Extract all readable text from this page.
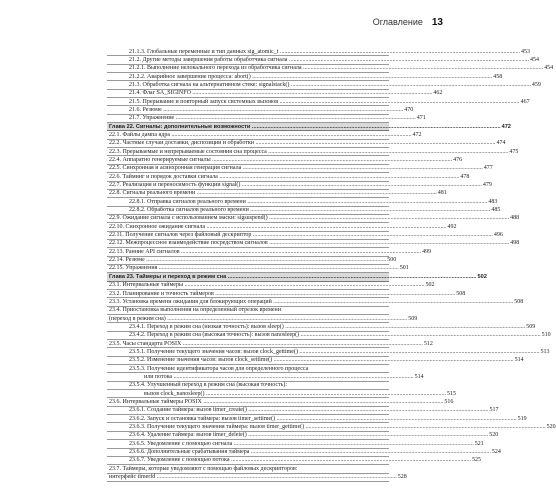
Оглавление 13
21.1.3. Глобальные переменные и тип данных sig_atomic_t ................................................................................................................................................................ 453
21.2. Другие методы завершения работы обработчика сигнала ................................................................................................................................................................ 454
21.2.1. Выполнение нелокального перехода из обработчика сигнала ................................................................................................................................................................ 454
21.2.2. Аварийное завершение процесса: abort() ................................................................................................................................................................ 458
21.3. Обработка сигнала на альтернативном стеке: signalstack() ................................................................................................................................................................ 459
21.4. Флаг SA_SIGINFO ................................................................................................................................................................ 462
21.5. Прерывание и повторный запуск системных вызовов ................................................................................................................................................................ 467
21.6. Резюме ................................................................................................................................................................ 470
21.7. Упражнение ................................................................................................................................................................ 471
Глава 22. Сигналы: дополнительные возможности ................................................................................................................................................................ 472
22.1. Файлы дампа ядра ................................................................................................................................................................ 472
22.2. Частные случаи доставки, диспозиции и обработки ................................................................................................................................................................ 474
22.3. Прерываемые и непрерываемые состояния сна процесса ................................................................................................................................................................ 475
22.4. Аппаратно генерируемые сигналы ................................................................................................................................................................ 476
22.5. Синхронная и асинхронная генерация сигнала ................................................................................................................................................................ 477
22.6. Тайминг и порядок доставки сигнала ................................................................................................................................................................ 478
22.7. Реализация и переносимость функции signal() ................................................................................................................................................................ 479
22.8. Сигналы реального времени ................................................................................................................................................................ 481
22.8.1. Отправка сигналов реального времени ................................................................................................................................................................ 483
22.8.2. Обработка сигналов реального времени ................................................................................................................................................................ 485
22.9. Ожидание сигнала с использованием маски: sigsuspend() ................................................................................................................................................................ 488
22.10. Синхронное ожидание сигнала ................................................................................................................................................................ 492
22.11. Получение сигналов через файловый дескриптор ................................................................................................................................................................ 496
22.12. Межпроцессное взаимодействие посредством сигналов ................................................................................................................................................................ 498
22.13. Ранние API сигналов ................................................................................................................................................................ 499
22.14. Резюме ................................................................................................................................................................ 500
22.15. Упражнения ................................................................................................................................................................ 501
Глава 23. Таймеры и переход в режим сна ................................................................................................................................................................ 502
23.1. Интервальные таймеры ................................................................................................................................................................ 502
23.2. Планирование и точность таймеров ................................................................................................................................................................ 508
23.3. Установка времени ожидания для блокирующих операций ................................................................................................................................................................ 508
23.4. Приостановка выполнения на определенный отрезок времени
(переход в режим сна) ................................................................................................................................................................ 509
23.4.1. Переход в режим сна (низкая точность): вызов sleep() ................................................................................................................................................................ 509
23.4.2. Переход в режим сна (высокая точность): вызов nanosleep() ................................................................................................................................................................ 510
23.5. Часы стандарта POSIX ................................................................................................................................................................ 512
23.5.1. Получение текущего значения часов: вызов clock_gettime() ................................................................................................................................................................ 513
23.5.2. Изменение значения часов: вызов clock_settime() ................................................................................................................................................................ 514
23.5.3. Получение идентификатора часов для определенного процесса
или потока ................................................................................................................................................................ 514
23.5.4. Улучшенный переход в режим сна (высокая точность):
вызов clock_nanosleep() ................................................................................................................................................................ 515
23.6. Интервальные таймеры POSIX ................................................................................................................................................................ 516
23.6.1. Создание таймера: вызов timer_create() ................................................................................................................................................................ 517
23.6.2. Запуск и остановка таймера: вызов timer_settime() ................................................................................................................................................................ 519
23.6.3. Получение текущего значения таймера: вызов timer_gettime() ................................................................................................................................................................ 520
23.6.4. Удаление таймера: вызов timer_delete() ................................................................................................................................................................ 520
23.6.5. Уведомление с помощью сигнала ................................................................................................................................................................ 521
23.6.6. Дополнительные срабатывания таймера ................................................................................................................................................................ 524
23.6.7. Уведомление с помощью потока ................................................................................................................................................................ 525
23.7. Таймеры, которые уведомляют с помощью файловых дескрипторов:
интерфейс timerfd ................................................................................................................................................................ 528
